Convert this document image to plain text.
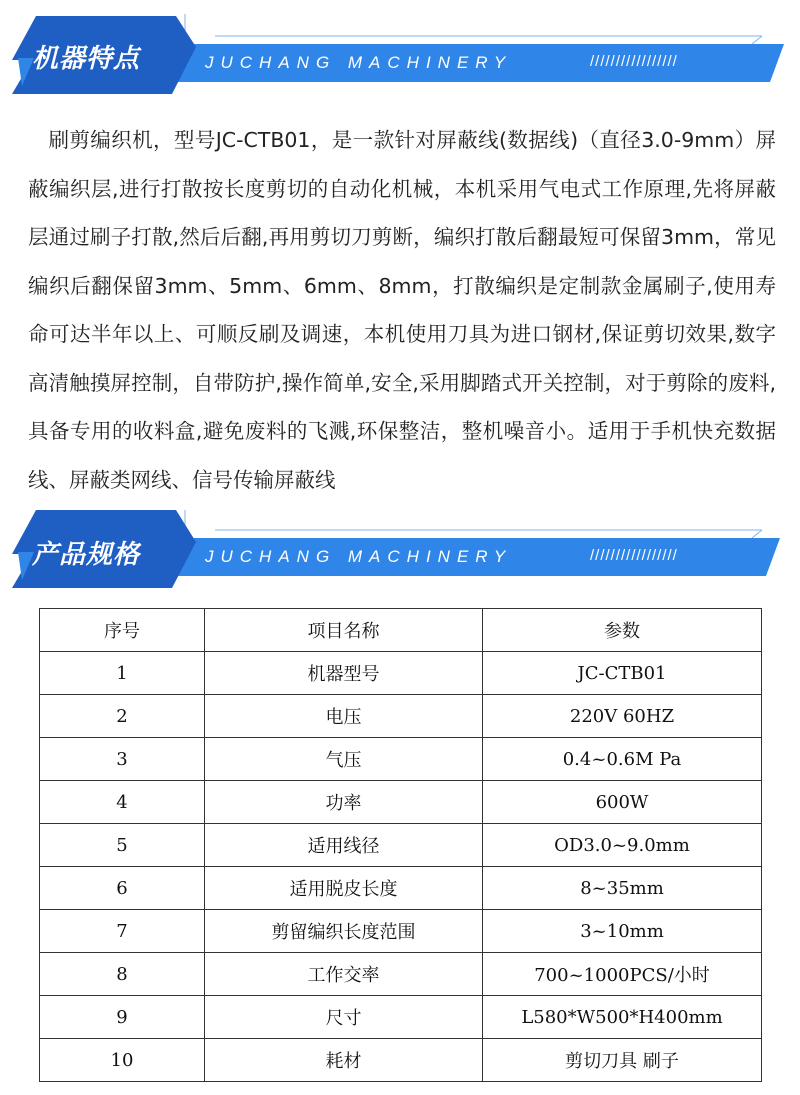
机器特点	JUCHANG MACHINERY	/////////////////

刷剪编织机，型号JC-CTB01，是一款针对屏蔽线(数据线)（直径3.0-9mm）屏蔽编织层,进行打散按长度剪切的自动化机械，本机采用气电式工作原理,先将屏蔽层通过刷子打散,然后后翻,再用剪切刀剪断，编织打散后翻最短可保留3mm，常见编织后翻保留3mm、5mm、6mm、8mm，打散编织是定制款金属刷子,使用寿命可达半年以上、可顺反刷及调速，本机使用刀具为进口钢材,保证剪切效果,数字高清触摸屏控制，自带防护,操作简单,安全,采用脚踏式开关控制，对于剪除的废料,具备专用的收料盒,避免废料的飞溅,环保整洁，整机噪音小。适用于手机快充数据线、屏蔽类网线、信号传输屏蔽线

产品规格	JUCHANG MACHINERY	/////////////////
序号	项目名称	参数
1	机器型号	JC-CTB01
2	电压	220V 60HZ
3	气压	0.4~0.6M Pa
4	功率	600W
5	适用线径	OD3.0~9.0mm
6	适用脱皮长度	8~35mm
7	剪留编织长度范围	3~10mm
8	工作交率	700~1000PCS/小时
9	尺寸	L580*W500*H400mm
10	耗材	剪切刀具 刷子
